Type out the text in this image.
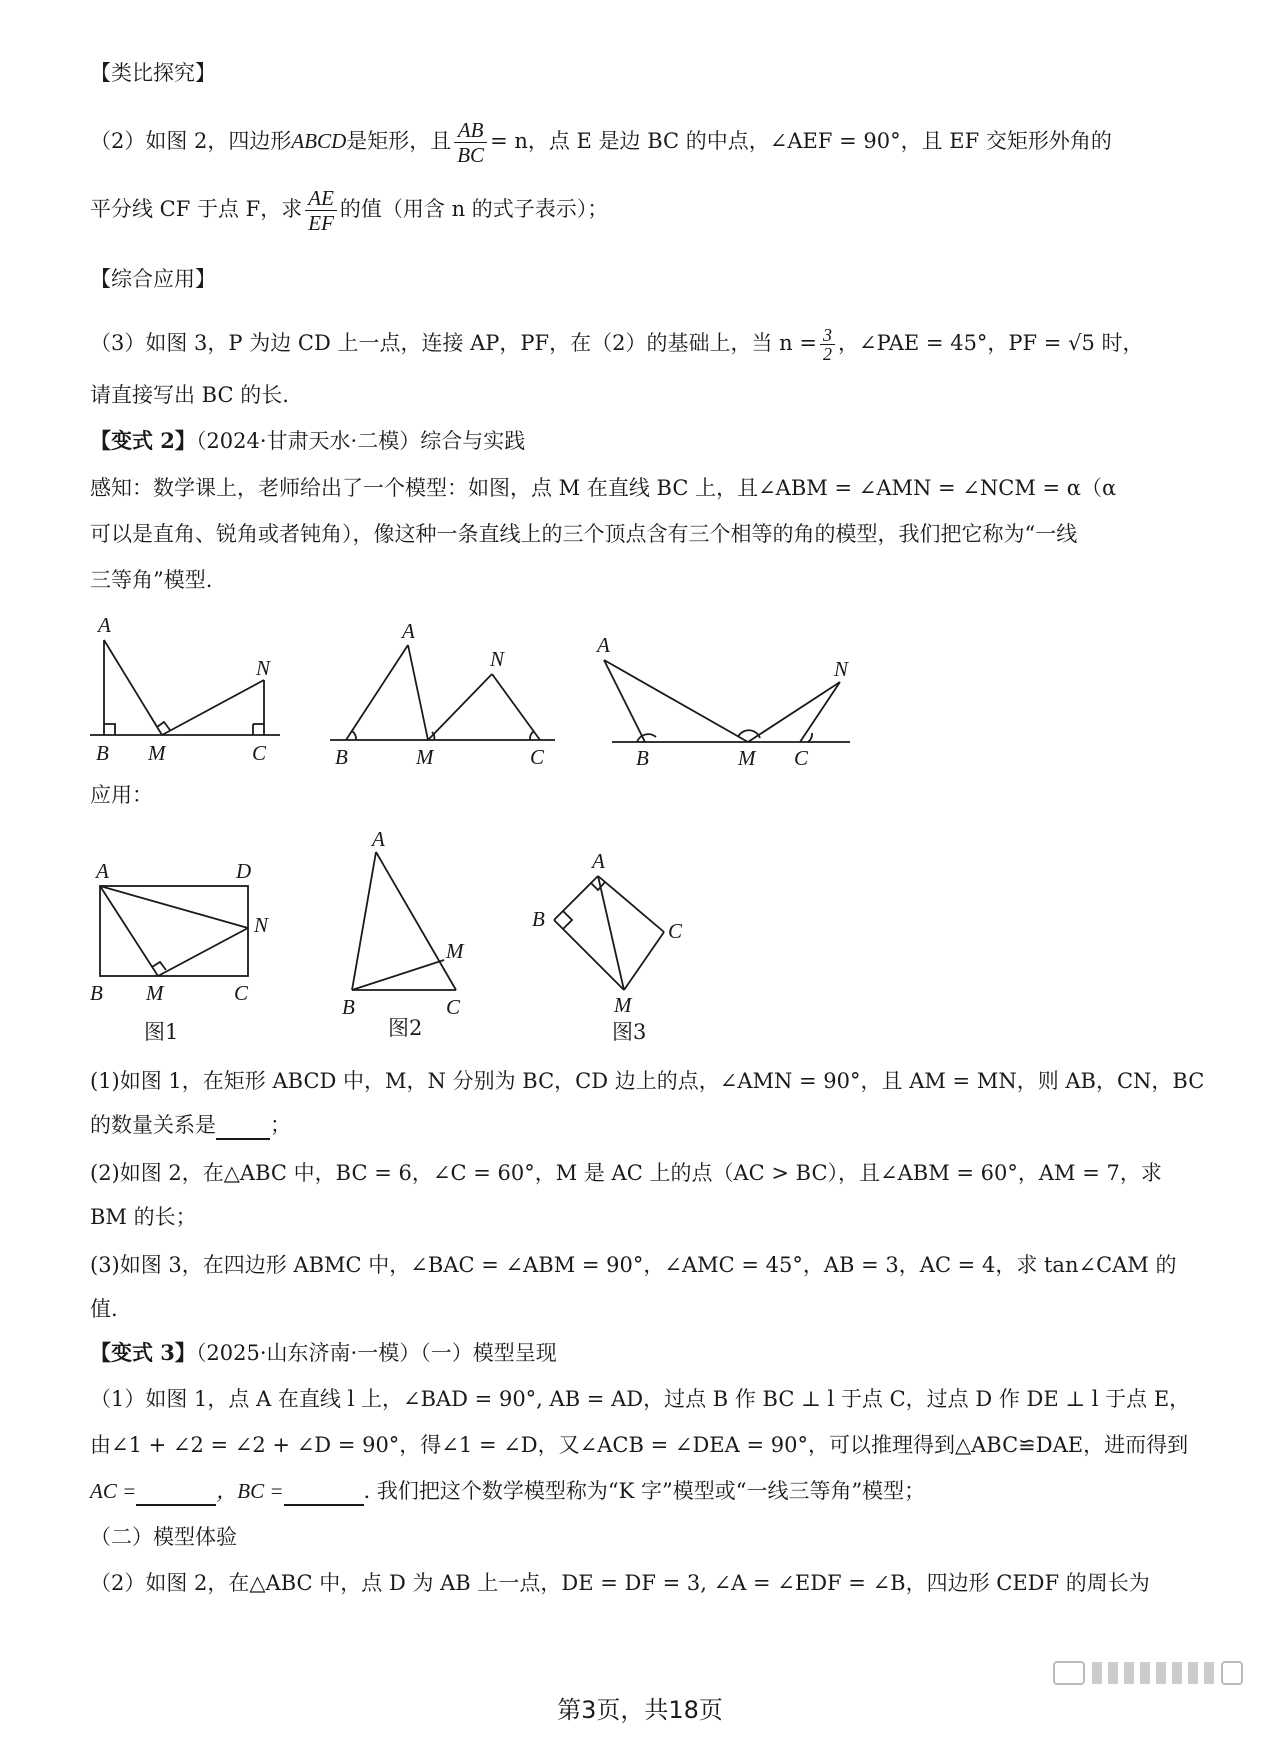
【类比探究】
（2）如图 2，四边形ABCD是矩形，且 $\frac{AB}{BC} = n$，点 E 是边 BC 的中点，∠AEF = 90°，且 EF 交矩形外角的
平分线 CF 于点 F，求 $\frac{AE}{EF}$ 的值（用含 n 的式子表示）；
【综合应用】
（3）如图 3，P 为边 CD 上一点，连接 AP，PF，在（2）的基础上，当 $n = \frac{3}{2}$ ，∠PAE = 45°，PF = √5 时，
请直接写出 BC 的长.
【变式 2】（2024·甘肃天水·二模）综合与实践
感知：数学课上，老师给出了一个模型：如图，点 M 在直线 BC 上，且∠ABM = ∠AMN = ∠NCM = α（α
可以是直角、锐角或者钝角），像这种一条直线上的三个顶点含有三个相等的角的模型，我们把它称为“一线
三等角”模型.
A
B M	C
N
A
N
B	M	C
A
N
B	M C
A	D
N
B M	C
A
M
B	C
A
B	C
M
应用：
图1	图2	图3
(1)如图 1，在矩形 ABCD 中，M，N 分别为 BC，CD 边上的点，∠AMN = 90°，且 AM = MN，则 AB，CN，BC
的数量关系是	；
(2)如图 2，在△ABC 中，BC = 6，∠C = 60°，M 是 AC 上的点（AC > BC），且∠ABM = 60°，AM = 7，求
BM 的长；
(3)如图 3，在四边形 ABMC 中，∠BAC = ∠ABM = 90°，∠AMC = 45°，AB = 3，AC = 4，求 tan∠CAM 的
值.
【变式 3】（2025·山东济南·一模）（一）模型呈现
（1）如图 1，点 A 在直线 l 上，∠BAD = 90°, AB = AD，过点 B 作 BC ⊥ l 于点 C，过点 D 作 DE ⊥ l 于点 E，
由∠1 + ∠2 = ∠2 + ∠D = 90°，得∠1 = ∠D，又∠ACB = ∠DEA = 90°，可以推理得到△ABC≌DAE，进而得到
AC =	，BC =	. 我们把这个数学模型称为“K 字”模型或“一线三等角”模型；
（二）模型体验
（2）如图 2，在△ABC 中，点 D 为 AB 上一点，DE = DF = 3, ∠A = ∠EDF = ∠B，四边形 CEDF 的周长为
第3页，共18页
